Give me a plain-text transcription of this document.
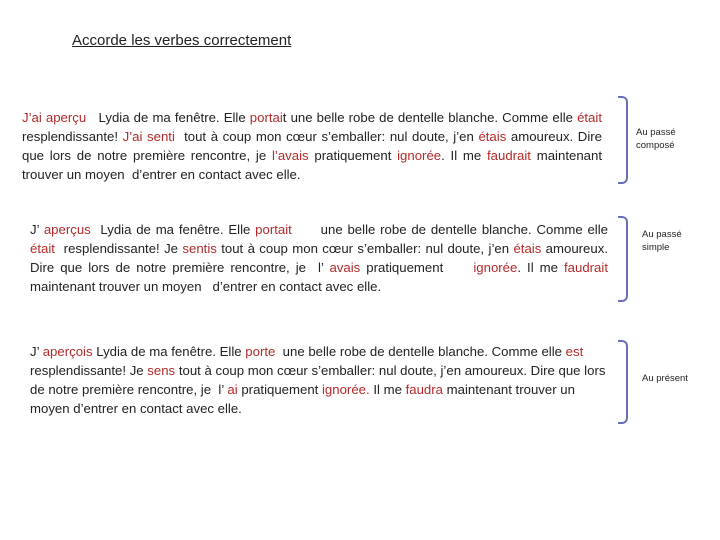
Accorde les verbes correctement
J’ai aperçu   Lydia de ma fenêtre. Elle portait une belle robe de dentelle blanche. Comme elle était  resplendissante! J’ai senti  tout à coup mon cœur s’emballer: nul doute, j’en étais amoureux. Dire que lors de notre première rencontre, je l’avais pratiquement ignorée. Il me faudrait maintenant trouver un moyen  d’entrer en contact avec elle.
Au passé composé
J’ aperçus  Lydia de ma fenêtre. Elle portait      une belle robe de dentelle blanche. Comme elle était  resplendissante! Je sentis tout à coup mon cœur s’emballer: nul doute, j’en étais amoureux. Dire que lors de notre première rencontre, je  l’ avais pratiquement     ignorée. Il me faudrait maintenant trouver un moyen   d’entrer en contact avec elle.
Au passé simple
J’ aperçois Lydia de ma fenêtre. Elle porte  une belle robe de dentelle blanche. Comme elle est  resplendissante! Je sens tout à coup mon cœur s’emballer: nul doute, j’en amoureux. Dire que lors de notre première rencontre, je  l’ ai pratiquement ignorée. Il me faudra maintenant trouver un moyen d’entrer en contact avec elle.
Au présent
